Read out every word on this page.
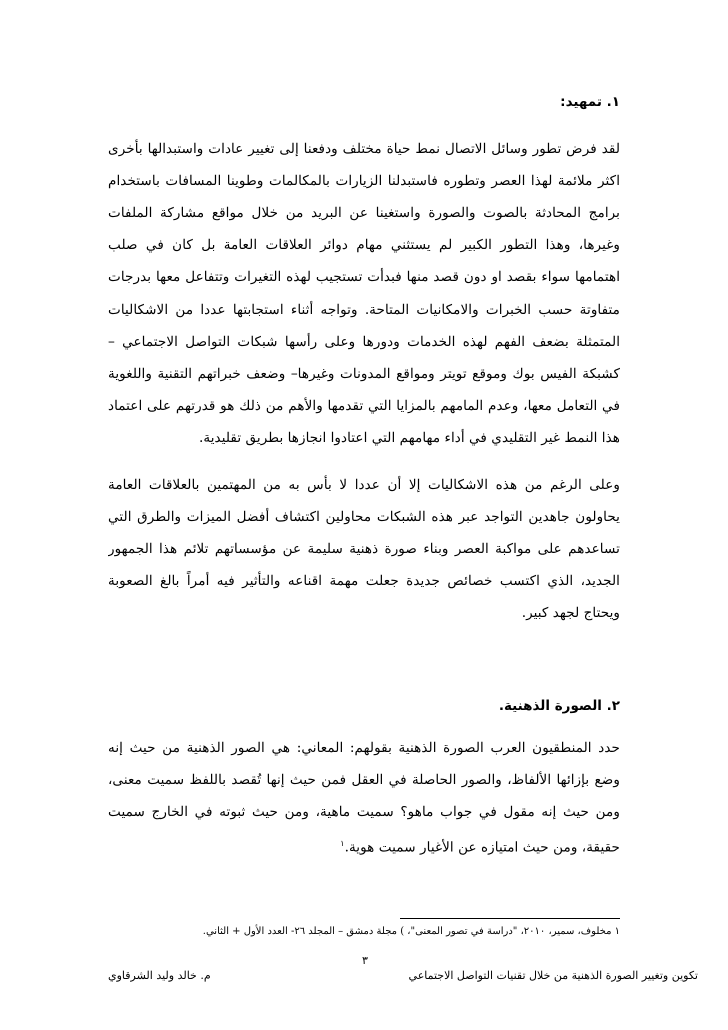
١. تمهيد:
لقد فرض تطور وسائل الاتصال نمط حياة مختلف ودفعنا إلى تغيير عادات واستبدالها بأخرى
اكثر ملائمة لهذا العصر وتطوره فاستبدلنا الزيارات بالمكالمات وطوينا المسافات باستخدام
برامج المحادثة بالصوت والصورة واستغينا عن البريد من خلال مواقع مشاركة الملفات
وغيرها، وهذا التطور الكبير لم يستثني مهام دوائر العلاقات العامة بل كان في صلب
اهتمامها سواء بقصد او دون قصد منها فبدأت تستجيب لهذه التغيرات وتتفاعل معها بدرجات
متفاوتة حسب الخبرات والامكانيات المتاحة. وتواجه أثناء استجابتها عددا من الاشكاليات
المتمثلة بضعف الفهم لهذه الخدمات ودورها وعلى رأسها شبكات التواصل الاجتماعي –
كشبكة الفيس بوك وموقع تويتر ومواقع المدونات وغيرها– وضعف خبراتهم التقنية واللغوية
في التعامل معها، وعدم المامهم بالمزايا التي تقدمها والأهم من ذلك هو قدرتهم على اعتماد
هذا النمط غير التقليدي في أداء مهامهم التي اعتادوا انجازها بطريق تقليدية.
وعلى الرغم من هذه الاشكاليات إلا أن عددا لا بأس به من المهتمين بالعلاقات العامة
يحاولون جاهدين التواجد عبر هذه الشبكات محاولين اكتشاف أفضل الميزات والطرق التي
تساعدهم على مواكبة العصر وبناء صورة ذهنية سليمة عن مؤسساتهم تلائم هذا الجمهور
الجديد، الذي اكتسب خصائص جديدة جعلت مهمة اقناعه والتأثير فيه أمراً بالغ الصعوبة
ويحتاج لجهد كبير.
٢. الصورة الذهنية.
حدد المنطقيون العرب الصورة الذهنية بقولهم: المعاني: هي الصور الذهنية من حيث إنه
وضع بإزائها الألفاظ، والصور الحاصلة في العقل فمن حيث إنها تُقصد باللفظ سميت معنى،
ومن حيث إنه مقول في جواب ماهو؟ سميت ماهية، ومن حيث ثبوته في الخارج سميت
حقيقة، ومن حيث امتيازه عن الأغيار سميت هوية.$^١$
١ مخلوف، سمير، ٢٠١٠، "دراسة في تصور المعنى"، ) مجلة دمشق – المجلد ٢٦- العدد الأول + الثاني.
٣
تكوين وتغيير الصورة الذهنية من خلال تقنيات التواصل الاجتماعي
م. خالد وليد الشرقاوي
